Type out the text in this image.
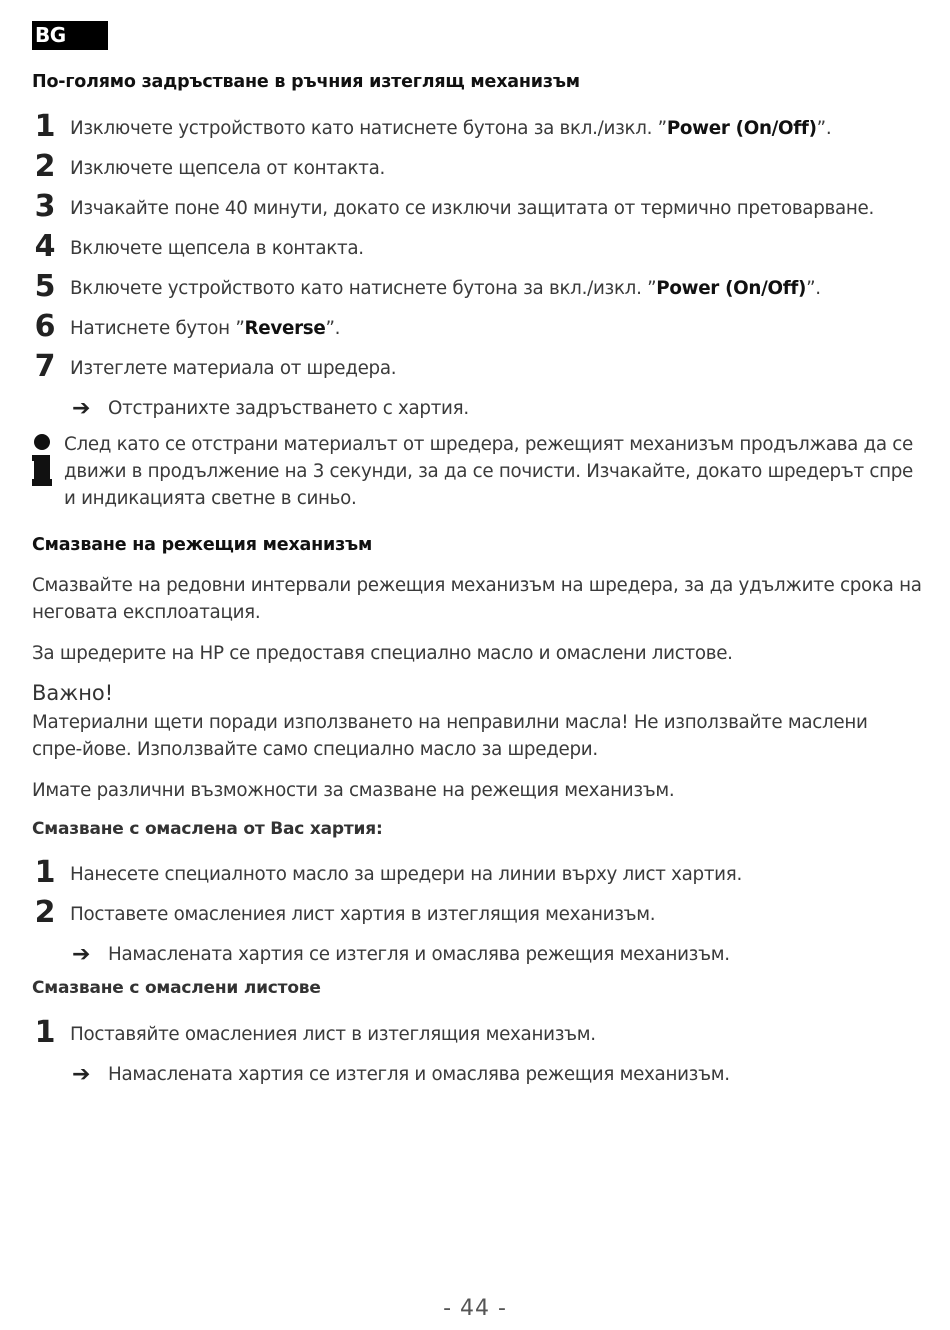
BG
По-голямо задръстване в ръчния изтеглящ механизъм
1 Изключете устройството като натиснете бутона за вкл./изкл. ”Power (On/Off)”.
2 Изключете щепсела от контакта.
3 Изчакайте поне 40 минути, докато се изключи защитата от термично претоварване.
4 Включете щепсела в контакта.
5 Включете устройството като натиснете бутона за вкл./изкл. ”Power (On/Off)”.
6 Натиснете бутон ”Reverse”.
7 Изтеглете материала от шредера.
➔ Отстранихте задръстването с хартия.
След като се отстрани материалът от шредера, режещият механизъм продължава да се движи в продължение на 3 секунди, за да се почисти. Изчакайте, докато шредерът спре и индикацията светне в синьо.
Смазване на режещия механизъм
Смазвайте на редовни интервали режещия механизъм на шредера, за да удължите срока на неговата експлоатация.
За шредерите на HP се предоставя специално масло и омаслени листове.
Важно!
Материални щети поради използването на неправилни масла! Не използвайте маслени спре-йове. Използвайте само специално масло за шредери.
Имате различни възможности за смазване на режещия механизъм.
Смазване с омаслена от Вас хартия:
1 Нанесете специалното масло за шредери на линии върху лист хартия.
2 Поставете омаслениея лист хартия в изтеглящия механизъм.
➔ Намаслената хартия се изтегля и омаслява режещия механизъм.
Смазване с омаслени листове
1 Поставяйте омаслениея лист в изтеглящия механизъм.
➔ Намаслената хартия се изтегля и омаслява режещия механизъм.
- 44 -
